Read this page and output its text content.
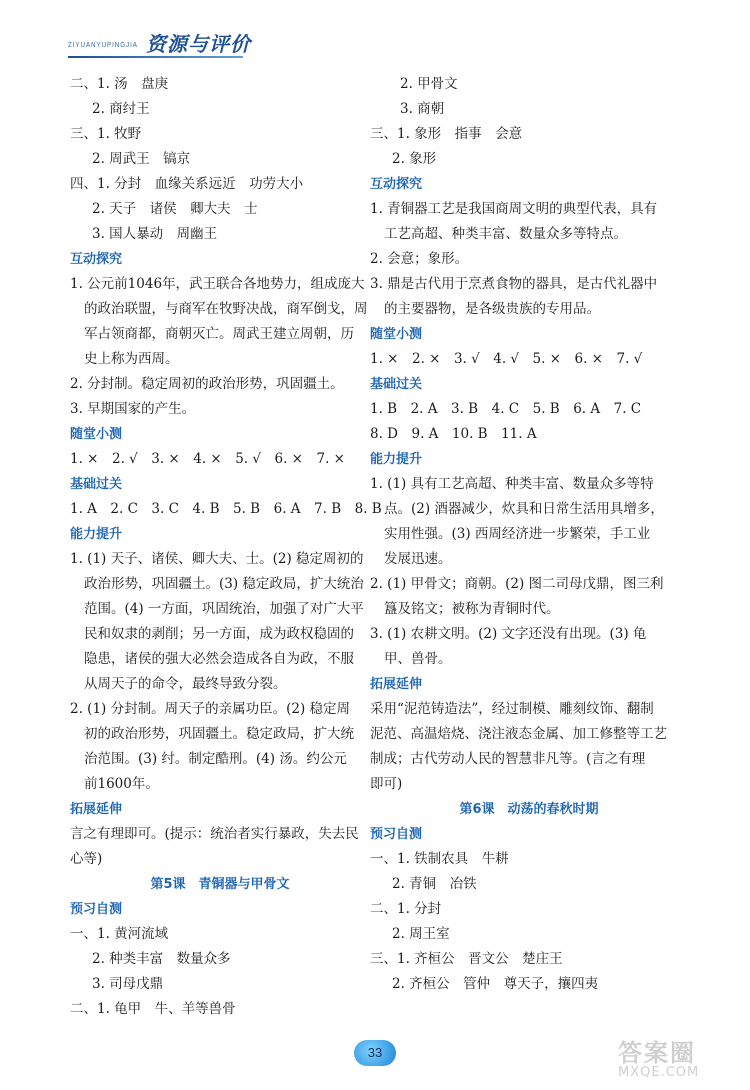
ZIYUANYUPINGJIA 资源与评价
二、1. 汤　盘庚
2. 商纣王
三、1. 牧野
2. 周武王　镐京
四、1. 分封　血缘关系远近　功劳大小
2. 天子　诸侯　卿大夫　士
3. 国人暴动　周幽王
互动探究
1. 公元前1046年，武王联合各地势力，组成庞大
的政治联盟，与商军在牧野决战，商军倒戈，周
军占领商都，商朝灭亡。周武王建立周朝，历
史上称为西周。
2. 分封制。稳定周初的政治形势，巩固疆土。
3. 早期国家的产生。
随堂小测
1. ×　2. √　3. ×　4. ×　5. √　6. ×　7. ×
基础过关
1. A　2. C　3. C　4. B　5. B　6. A　7. B　8. B
能力提升
1. (1) 天子、诸侯、卿大夫、士。(2) 稳定周初的
政治形势，巩固疆土。(3) 稳定政局，扩大统治
范围。(4) 一方面，巩固统治，加强了对广大平
民和奴隶的剥削；另一方面，成为政权稳固的
隐患，诸侯的强大必然会造成各自为政，不服
从周天子的命令，最终导致分裂。
2. (1) 分封制。周天子的亲属功臣。(2) 稳定周
初的政治形势，巩固疆土。稳定政局，扩大统
治范围。(3) 纣。制定酷刑。(4) 汤。约公元
前1600年。
拓展延伸
言之有理即可。(提示：统治者实行暴政，失去民
心等)
第5课　青铜器与甲骨文
预习自测
一、1. 黄河流域
2. 种类丰富　数量众多
3. 司母戊鼎
二、1. 龟甲　牛、羊等兽骨
2. 甲骨文
3. 商朝
三、1. 象形　指事　会意
2. 象形
互动探究
1. 青铜器工艺是我国商周文明的典型代表，具有
工艺高超、种类丰富、数量众多等特点。
2. 会意；象形。
3. 鼎是古代用于烹煮食物的器具，是古代礼器中
的主要器物，是各级贵族的专用品。
随堂小测
1. ×　2. ×　3. √　4. √　5. ×　6. ×　7. √
基础过关
1. B　2. A　3. B　4. C　5. B　6. A　7. C
8. D　9. A　10. B　11. A
能力提升
1. (1) 具有工艺高超、种类丰富、数量众多等特
点。(2) 酒器减少，炊具和日常生活用具增多，
实用性强。(3) 西周经济进一步繁荣，手工业
发展迅速。
2. (1) 甲骨文；商朝。(2) 图二司母戊鼎，图三利
簋及铭文；被称为青铜时代。
3. (1) 农耕文明。(2) 文字还没有出现。(3) 龟
甲、兽骨。
拓展延伸
采用“泥范铸造法”，经过制模、雕刻纹饰、翻制
泥范、高温焙烧、浇注液态金属、加工修整等工艺
制成；古代劳动人民的智慧非凡等。(言之有理
即可)
第6课　动荡的春秋时期
预习自测
一、1. 铁制农具　牛耕
2. 青铜　冶铁
二、1. 分封
2. 周王室
三、1. 齐桓公　晋文公　楚庄王
2. 齐桓公　管仲　尊天子，攘四夷
33	答案圈
MXQE.COM
